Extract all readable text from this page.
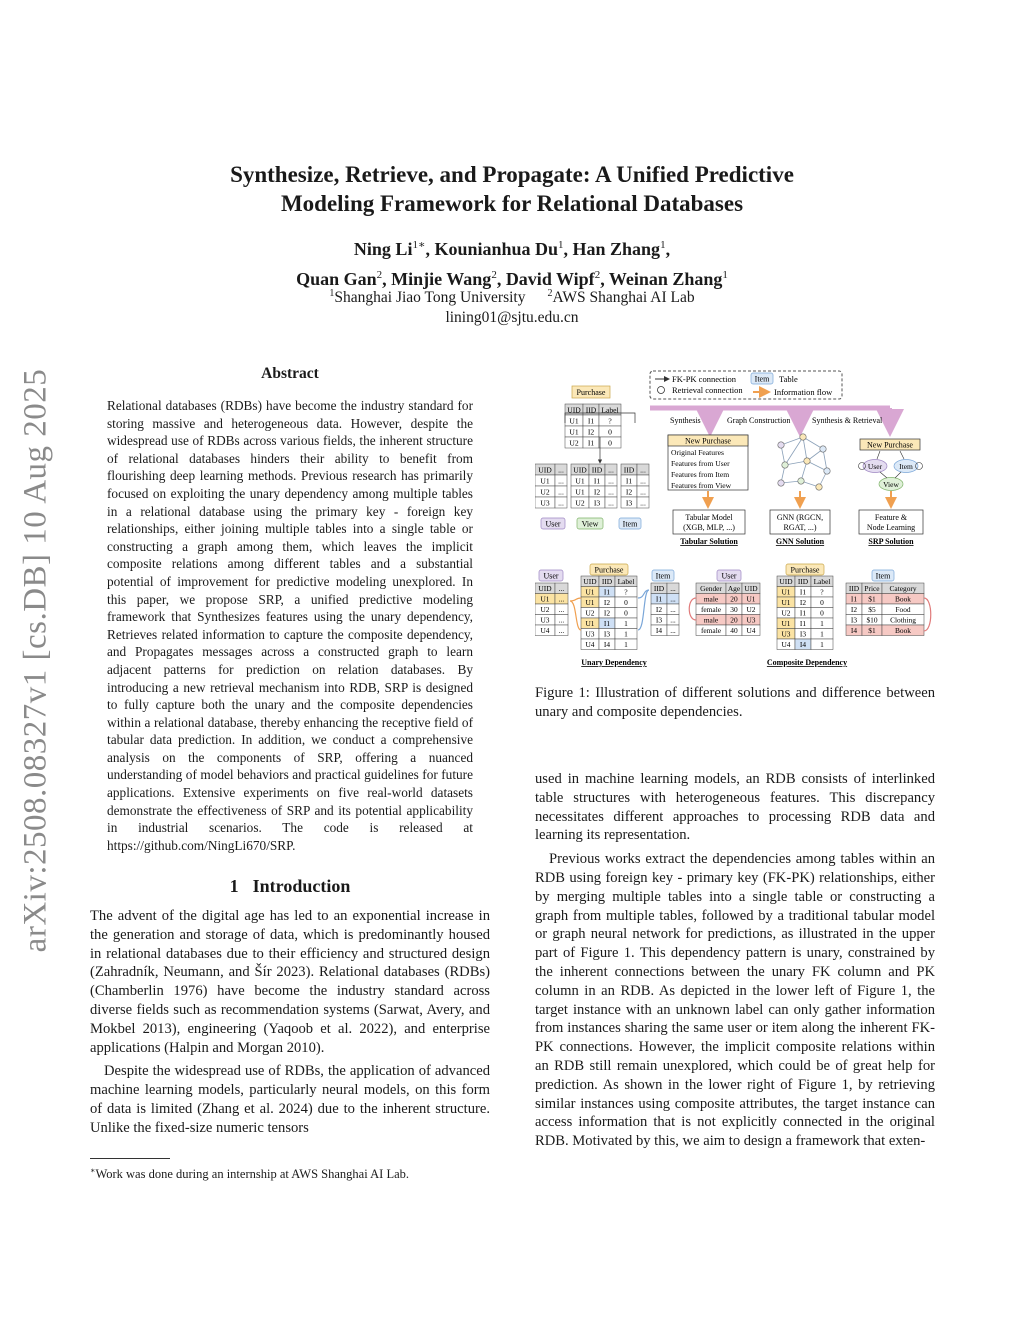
arXiv:2508.08327v1 [cs.DB] 10 Aug 2025
Synthesize, Retrieve, and Propagate: A Unified Predictive
Modeling Framework for Relational Databases
Ning $Li^{1∗}$, Kounianhua Du$^1$, Han Zhang$^1$,
Quan Gan$^2$, Minjie Wang$^2$, David Wipf$^2$, Weinan Zhang$^1$
$^1$Shanghai Jiao Tong University $^2$AWS Shanghai AI Lab
lining01@sjtu.edu.cn
Abstract
Relational databases (RDBs) have become the industry standard for storing massive and heterogeneous data. However, despite the widespread use of RDBs across various fields, the inherent structure of relational databases hinders their ability to benefit from flourishing deep learning methods. Previous research has primarily focused on exploiting the unary dependency among multiple tables in a relational database using the primary key - foreign key relationships, either joining multiple tables into a single table or constructing a graph among them, which leaves the implicit composite relations among different tables and a substantial potential of improvement for predictive modeling unexplored. In this paper, we propose SRP, a unified predictive modeling framework that Synthesizes features using the unary dependency, Retrieves related information to capture the composite dependency, and Propagates messages across a constructed graph to learn adjacent patterns for prediction on relation databases. By introducing a new retrieval mechanism into RDB, SRP is designed to fully capture both the unary and the composite dependencies within a relational database, thereby enhancing the receptive field of tabular data prediction. In addition, we conduct a comprehensive analysis on the components of SRP, offering a nuanced understanding of model behaviors and practical guidelines for future applications. Extensive experiments on five real-world datasets demonstrate the effectiveness of SRP and its potential applicability in industrial scenarios. The code is released at https://github.com/NingLi670/SRP.
1 Introduction

The advent of the digital age has led to an exponential increase in the generation and storage of data, which is predominantly housed in relational databases due to their efficiency and structured design (Zahradník, Neumann, and Šír 2023). Relational databases (RDBs) (Chamberlin 1976) have become the industry standard across diverse fields such as recommendation systems (Sarwat, Avery, and Mokbel 2013), engineering (Yaqoob et al. 2022), and enterprise applications (Halpin and Morgan 2010).

Despite the widespread use of RDBs, the application of advanced machine learning models, particularly neural models, on this form of data is limited (Zhang et al. 2024) due to the inherent structure. Unlike the fixed-size numeric tensors

∗Work was done during an internship at AWS Shanghai AI Lab.
FK-PK connection
Retrieval connection
Item Table
Information flow
Purchase
UID IID Label
U1 I1 ?
U1 I2 0
U2 I1 0
UID ...
U1 ...
U2 ...
U3 ...
UID IID ...
U1 I1 ...
U1 I2 ...
U2 I3 ...
IID ...
I1 ...
I2 ...
I3 ...
User	View	Item
Synthesis	Graph Construction	Synthesis & Retrieval
New Purchase
Original Features
Features from User
Features from Item
Features from View
Tabular Model
(XGB, MLP, ...)
Tabular Solution
GNN (RGCN,
RGAT, ...)
GNN Solution
New Purchase
User Item
View
Feature &
Node Learning
SRP Solution
User
Purchase
Item
UID ...
U1 ...
U2 ...
U3 ...
U4 ...
UID IID Label
U1 I1 ?
U1 I2 0
U2 I2 0
U1 I1 1
U3 I3 1
U4 I4 1
IID ...
I1 ...
I2 ...
I3 ...
I4 ...
Unary Dependency
User
Purchase
Item
Gender Age UID
male 20 U1
female 30 U2
male 20 U3
female 40 U4
UID IID Label
U1 I1 ?
U1 I2 0
U2 I1 0
U1 I1 1
U3 I3 1
U4 I4 1
IID Price Category
I1 $1	Book
I2 $5	Food
I3 $10 Clothing
I4 $1	Book
Composite Dependency
Figure 1: Illustration of different solutions and difference between unary and composite dependencies.

used in machine learning models, an RDB consists of interlinked table structures with heterogeneous features. This discrepancy necessitates different approaches to processing RDB data and learning its representation.

Previous works extract the dependencies among tables within an RDB using foreign key - primary key (FK-PK) relationships, either by merging multiple tables into a single table or constructing a graph from multiple tables, followed by a traditional tabular model or graph neural network for predictions, as illustrated in the upper part of Figure 1. This dependency pattern is unary, constrained by the inherent connections between the unary FK column and PK column in an RDB. As depicted in the lower left of Figure 1, the target instance with an unknown label can only gather information from instances sharing the same user or item along the inherent FK-PK connections. However, the implicit composite relations within an RDB still remain unexplored, which could be of great help for prediction. As shown in the lower right of Figure 1, by retrieving similar instances using composite attributes, the target instance can access information that is not explicitly connected in the original RDB. Motivated by this, we aim to design a framework that exten-
